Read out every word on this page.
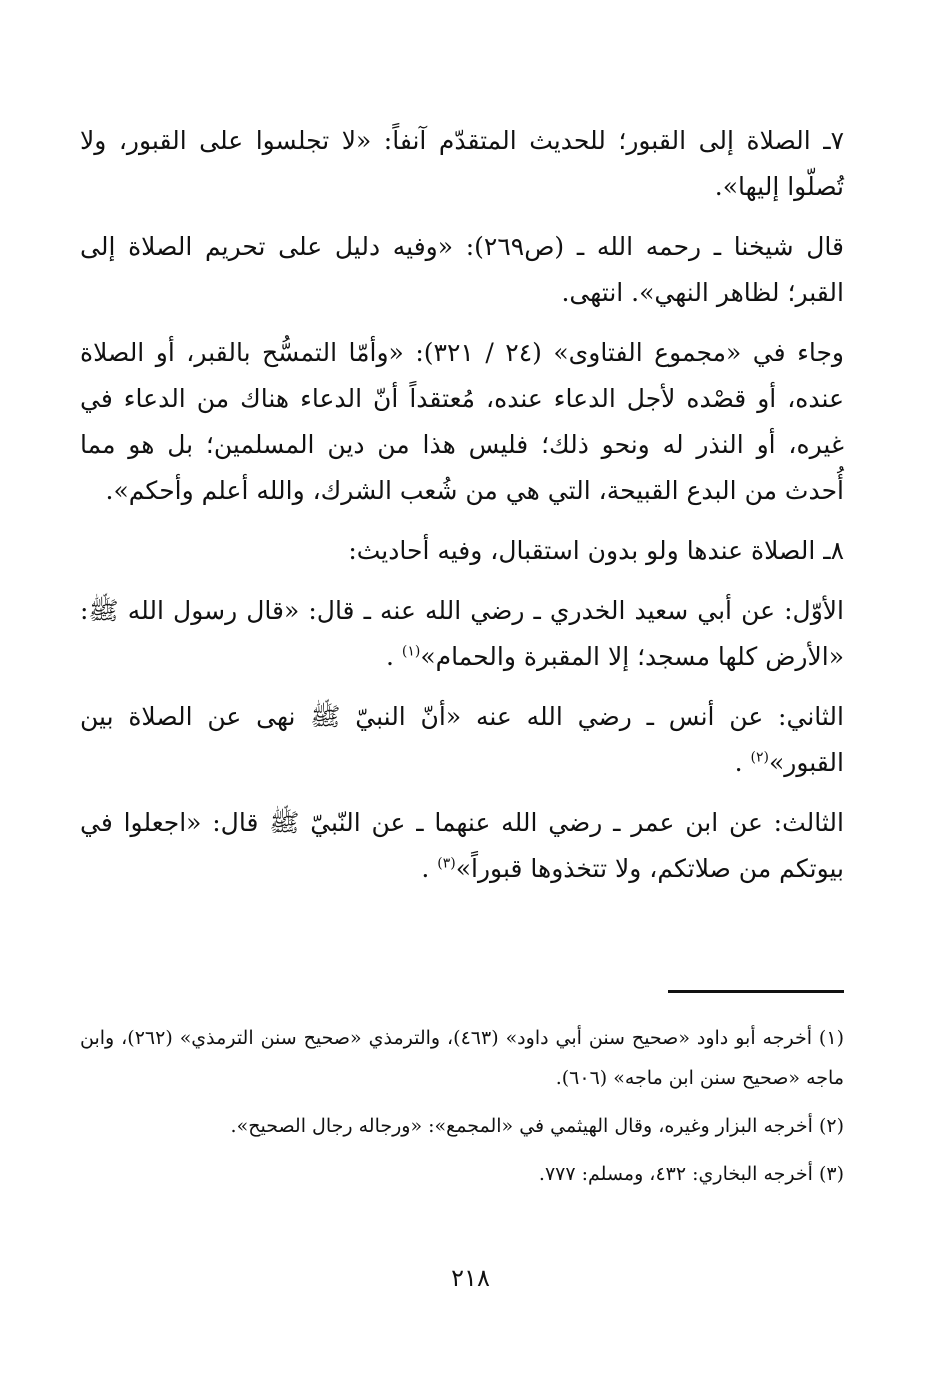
٧ـ الصلاة إلى القبور؛ للحديث المتقدّم آنفاً: «لا تجلسوا على القبور، ولا تُصلّوا إليها».

قال شيخنا ـ رحمه الله ـ (ص٢٦٩): «وفيه دليل على تحريم الصلاة إلى القبر؛ لظاهر النهي». انتهى.

وجاء في «مجموع الفتاوى» (٢٤ / ٣٢١): «وأمّا التمسُّح بالقبر، أو الصلاة عنده، أو قصْده لأجل الدعاء عنده، مُعتقداً أنّ الدعاء هناك من الدعاء في غيره، أو النذر له ونحو ذلك؛ فليس هذا من دين المسلمين؛ بل هو مما أُحدث من البدع القبيحة، التي هي من شُعب الشرك، والله أعلم وأحكم».

٨ـ الصلاة عندها ولو بدون استقبال، وفيه أحاديث:

الأوّل: عن أبي سعيد الخدري ـ رضي الله عنه ـ قال: «قال رسول الله ﷺ: «الأرض كلها مسجد؛ إلا المقبرة والحمام»$^{(١)}$ .

الثاني: عن أنس ـ رضي الله عنه «أنّ النبيّ ﷺ نهى عن الصلاة بين القبور»$^{(٢)}$ .

الثالث: عن ابن عمر ـ رضي الله عنهما ـ عن النّبيّ ﷺ قال: «اجعلوا في بيوتكم من صلاتكم، ولا تتخذوها قبوراً»$^{(٣)}$ .

(١) أخرجه أبو داود «صحيح سنن أبي داود» (٤٦٣)، والترمذي «صحيح سنن الترمذي» (٢٦٢)، وابن ماجه «صحيح سنن ابن ماجه» (٦٠٦).

(٢) أخرجه البزار وغيره، وقال الهيثمي في «المجمع»: «ورجاله رجال الصحيح».

(٣) أخرجه البخاري: ٤٣٢، ومسلم: ٧٧٧.

٢١٨
